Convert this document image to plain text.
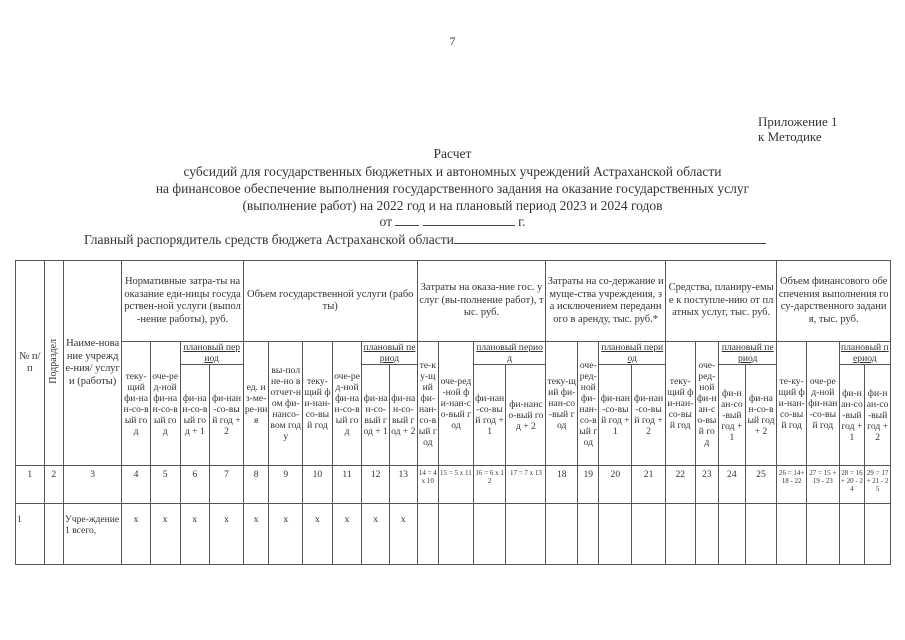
7
Приложение 1
к Методике
Расчет
субсидий для государственных бюджетных и автономных учреждений Астраханской области
на финансовое обеспечение выполнения государственного задания на оказание государственных услуг
(выполнение работ) на 2022 год и на плановый период 2023 и 2024 годов
от	г.
Главный распорядитель средств бюджета Астраханской области
№ п/п	Подраздел	Наиме-нование учрежде-ния/ услуги (работы)	Нормативные затра-ты на оказание еди-ницы государствен-ной услуги (выпол-нение работы), руб.				Объем государственной услуги (работы)						Затраты на оказа-ние гос. услуг (вы-полнение работ), тыс. руб.				Затраты на со-держание имуще-ства учреждения, за исключением переданного в аренду, тыс. руб.*				Средства, планиру-емые к поступле-нию от платных услуг, тыс. руб.				Объем финансового обеспечения выполнения госу-дарственного задания, тыс. руб.			
			теку-щий фи-нан-со-вый год	оче-ред-ной фи-нан-со-вый год	плановый период		ед. из-ме-ре-ния	вы-полне-но в отчет-ном фи-нансо-вом году	теку-щий фи-нан-со-вый год	оче-ред-ной фи-нан-со-вый год	плановый период		те-ку-щий фи-нан-со-вый год	оче-ред-ной фи-нан-со-вый год	плановый период		теку-щий фи-нан-со-вый год	оче-ред-ной фи-нан-со-вый год	плановый период		теку-щий фи-нан-со-вый год	оче-ред-ной фи-нан-со-вый год	плановый период		те-ку-щий фи-нан-со-вый год	оче-ред-ной фи-нан-со-вый год	плановый период	
					фи-нан-со-вый год + 1	фи-нан-со-вый год + 2					фи-нан-со-вый год + 1	фи-нан-со-вый год + 2			фи-нан-со-вый год + 1	фи-нансо-вый год + 2			фи-нан-со-вый год + 1	фи-нан-со-вый год + 2			фи-нан-со-вый год + 1	фи-нан-со-вый год + 2			фи-нан-со-вый год + 1	фи-нан-со-вый год + 2
1	2	3	4	5	6	7	8	9	10	11	12	13	14 = 4 x 10	15 = 5 x 11	16 = 6 x 12	17 = 7 x 13	18	19	20	21	22	23	24	25	26 = 14+ 18 - 22	27 = 15 + 19 - 23	28 = 16 + 20 - 24	29 = 17 + 21 - 25
1		Учре-ждение 1 всего,	х	х	х	х	х	х	х	х	х	х																
